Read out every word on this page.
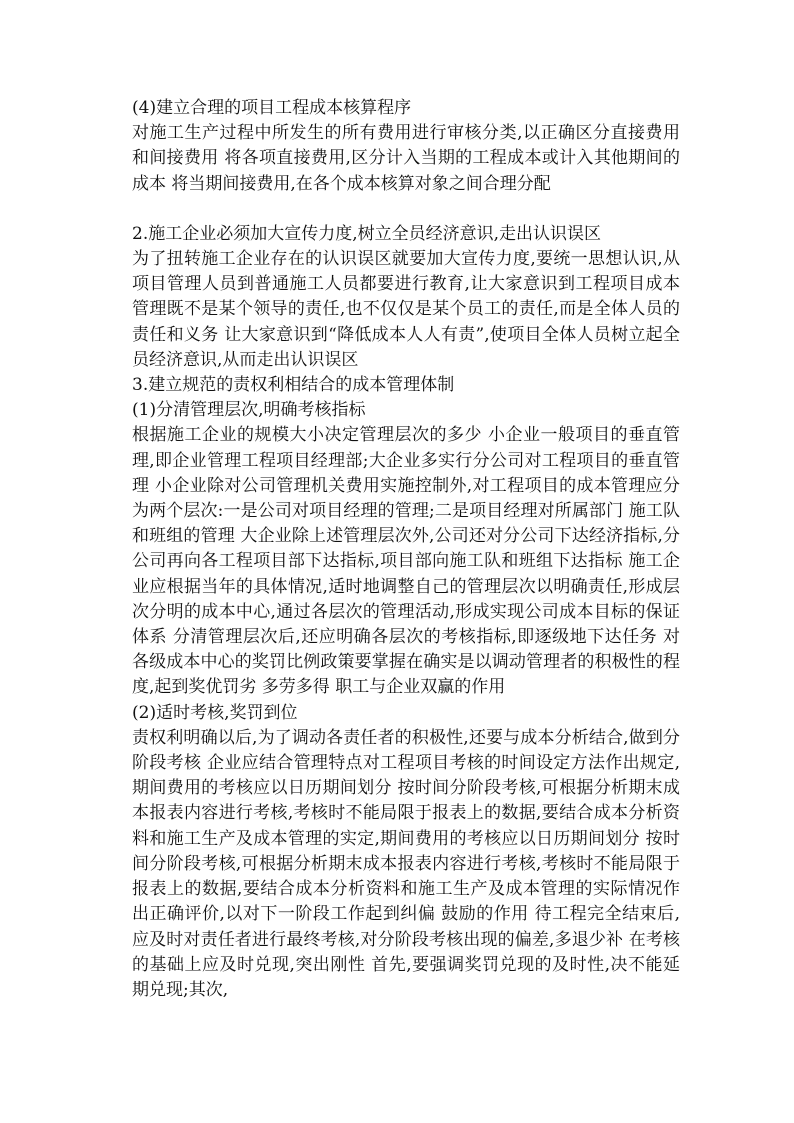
(4)建立合理的项目工程成本核算程序

对施工生产过程中所发生的所有费用进行审核分类,以正确区分直接费用和间接费用 将各项直接费用,区分计入当期的工程成本或计入其他期间的成本 将当期间接费用,在各个成本核算对象之间合理分配

2.施工企业必须加大宣传力度,树立全员经济意识,走出认识误区

为了扭转施工企业存在的认识误区就要加大宣传力度,要统一思想认识,从项目管理人员到普通施工人员都要进行教育,让大家意识到工程项目成本管理既不是某个领导的责任,也不仅仅是某个员工的责任,而是全体人员的责任和义务 让大家意识到“降低成本人人有责”,使项目全体人员树立起全员经济意识,从而走出认识误区

3.建立规范的责权利相结合的成本管理体制

(1)分清管理层次,明确考核指标

根据施工企业的规模大小决定管理层次的多少 小企业一般项目的垂直管理,即企业管理工程项目经理部;大企业多实行分公司对工程项目的垂直管理 小企业除对公司管理机关费用实施控制外,对工程项目的成本管理应分为两个层次:一是公司对项目经理的管理;二是项目经理对所属部门 施工队和班组的管理 大企业除上述管理层次外,公司还对分公司下达经济指标,分公司再向各工程项目部下达指标,项目部向施工队和班组下达指标 施工企业应根据当年的具体情况,适时地调整自己的管理层次以明确责任,形成层次分明的成本中心,通过各层次的管理活动,形成实现公司成本目标的保证体系 分清管理层次后,还应明确各层次的考核指标,即逐级地下达任务 对各级成本中心的奖罚比例政策要掌握在确实是以调动管理者的积极性的程度,起到奖优罚劣 多劳多得 职工与企业双赢的作用

(2)适时考核,奖罚到位

责权利明确以后,为了调动各责任者的积极性,还要与成本分析结合,做到分阶段考核 企业应结合管理特点对工程项目考核的时间设定方法作出规定,期间费用的考核应以日历期间划分 按时间分阶段考核,可根据分析期末成本报表内容进行考核,考核时不能局限于报表上的数据,要结合成本分析资料和施工生产及成本管理的实定,期间费用的考核应以日历期间划分 按时间分阶段考核,可根据分析期末成本报表内容进行考核,考核时不能局限于报表上的数据,要结合成本分析资料和施工生产及成本管理的实际情况作出正确评价,以对下一阶段工作起到纠偏 鼓励的作用 待工程完全结束后,应及时对责任者进行最终考核,对分阶段考核出现的偏差,多退少补 在考核的基础上应及时兑现,突出刚性 首先,要强调奖罚兑现的及时性,决不能延期兑现;其次,
